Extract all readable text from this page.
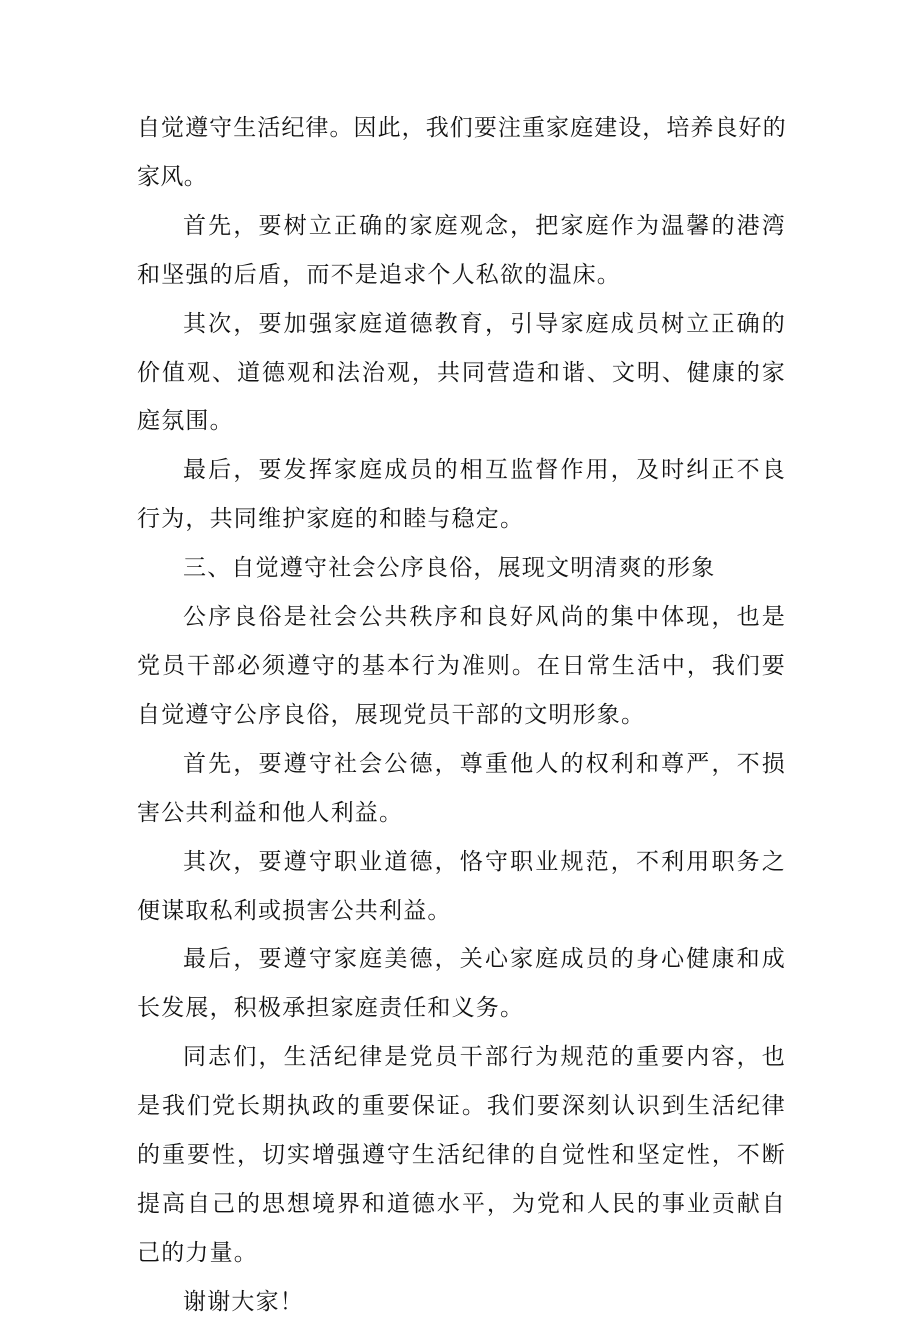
自觉遵守生活纪律。因此，我们要注重家庭建设，培养良好的家风。

首先，要树立正确的家庭观念，把家庭作为温馨的港湾和坚强的后盾，而不是追求个人私欲的温床。

其次，要加强家庭道德教育，引导家庭成员树立正确的价值观、道德观和法治观，共同营造和谐、文明、健康的家庭氛围。

最后，要发挥家庭成员的相互监督作用，及时纠正不良行为，共同维护家庭的和睦与稳定。

三、自觉遵守社会公序良俗，展现文明清爽的形象

公序良俗是社会公共秩序和良好风尚的集中体现，也是党员干部必须遵守的基本行为准则。在日常生活中，我们要自觉遵守公序良俗，展现党员干部的文明形象。

首先，要遵守社会公德，尊重他人的权利和尊严，不损害公共利益和他人利益。

其次，要遵守职业道德，恪守职业规范，不利用职务之便谋取私利或损害公共利益。

最后，要遵守家庭美德，关心家庭成员的身心健康和成长发展，积极承担家庭责任和义务。

同志们，生活纪律是党员干部行为规范的重要内容，也是我们党长期执政的重要保证。我们要深刻认识到生活纪律的重要性，切实增强遵守生活纪律的自觉性和坚定性，不断提高自己的思想境界和道德水平，为党和人民的事业贡献自己的力量。

谢谢大家！
